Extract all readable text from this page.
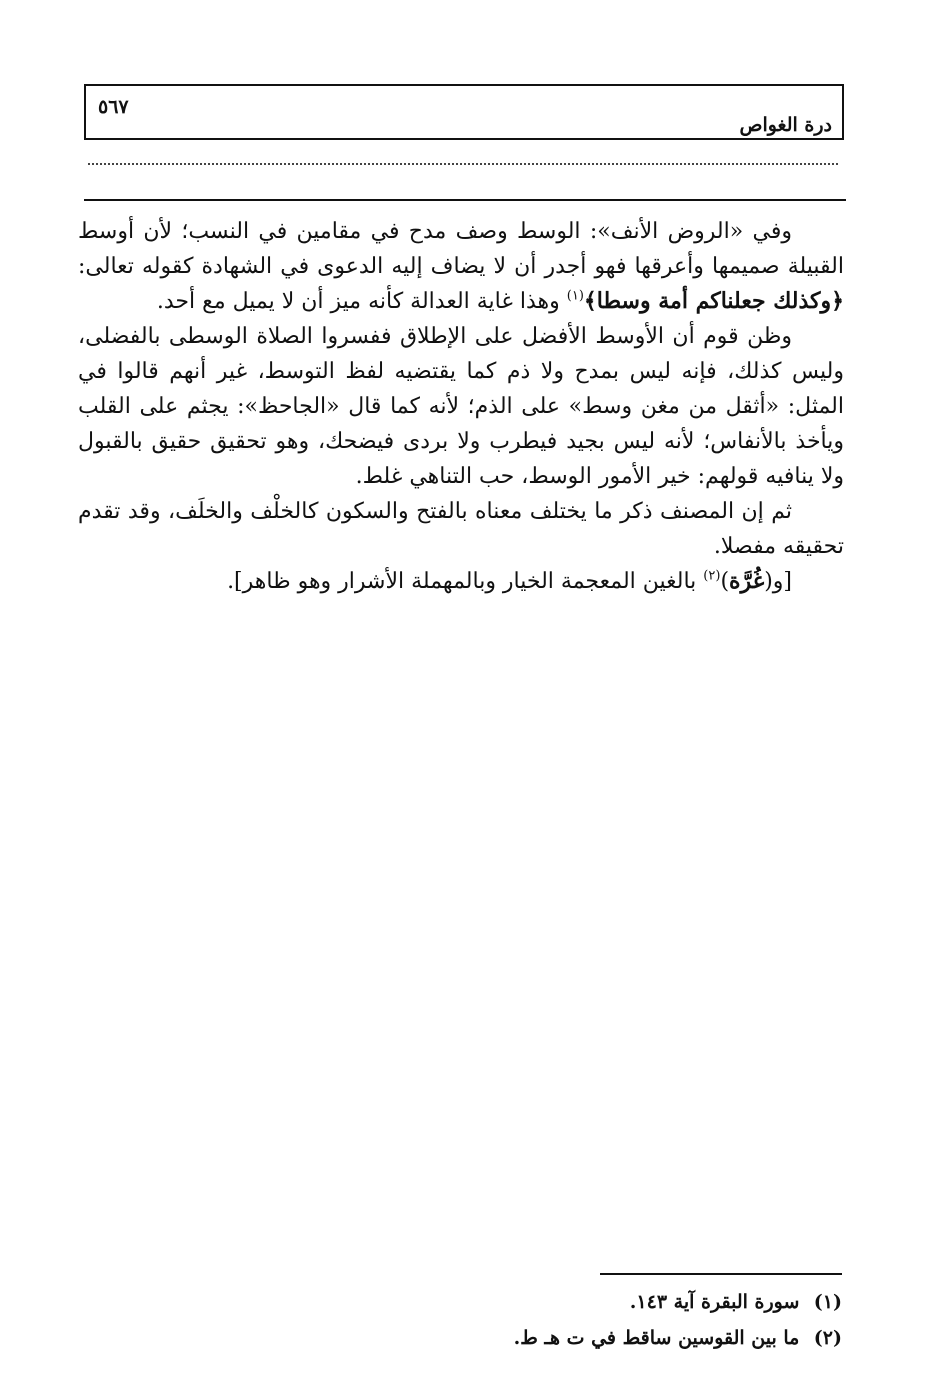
درة الغواص
٥٦٧

وفي «الروض الأنف»: الوسط وصف مدح في مقامين في النسب؛ لأن أوسط القبيلة صميمها وأعرقها فهو أجدر أن لا يضاف إليه الدعوى في الشهادة كقوله تعالى: ﴿وكذلك جعلناكم أمة وسطا﴾$^{(١)}$ وهذا غاية العدالة كأنه ميز أن لا يميل مع أحد.

وظن قوم أن الأوسط الأفضل على الإطلاق ففسروا الصلاة الوسطى بالفضلى، وليس كذلك، فإنه ليس بمدح ولا ذم كما يقتضيه لفظ التوسط، غير أنهم قالوا في المثل: «أثقل من مغن وسط» على الذم؛ لأنه كما قال «الجاحظ»: يجثم على القلب ويأخذ بالأنفاس؛ لأنه ليس بجيد فيطرب ولا بردى فيضحك، وهو تحقيق حقيق بالقبول ولا ينافيه قولهم: خير الأمور الوسط، حب التناهي غلط.

ثم إن المصنف ذكر ما يختلف معناه بالفتح والسكون كالخلْف والخلَف، وقد تقدم تحقيقه مفصلا.

[و(غُرَّة)$^{(٢)}$ بالغين المعجمة الخيار وبالمهملة الأشرار وهو ظاهر].

(١) سورة البقرة آية ١٤٣.

(٢) ما بين القوسين ساقط في ت هـ ط.
